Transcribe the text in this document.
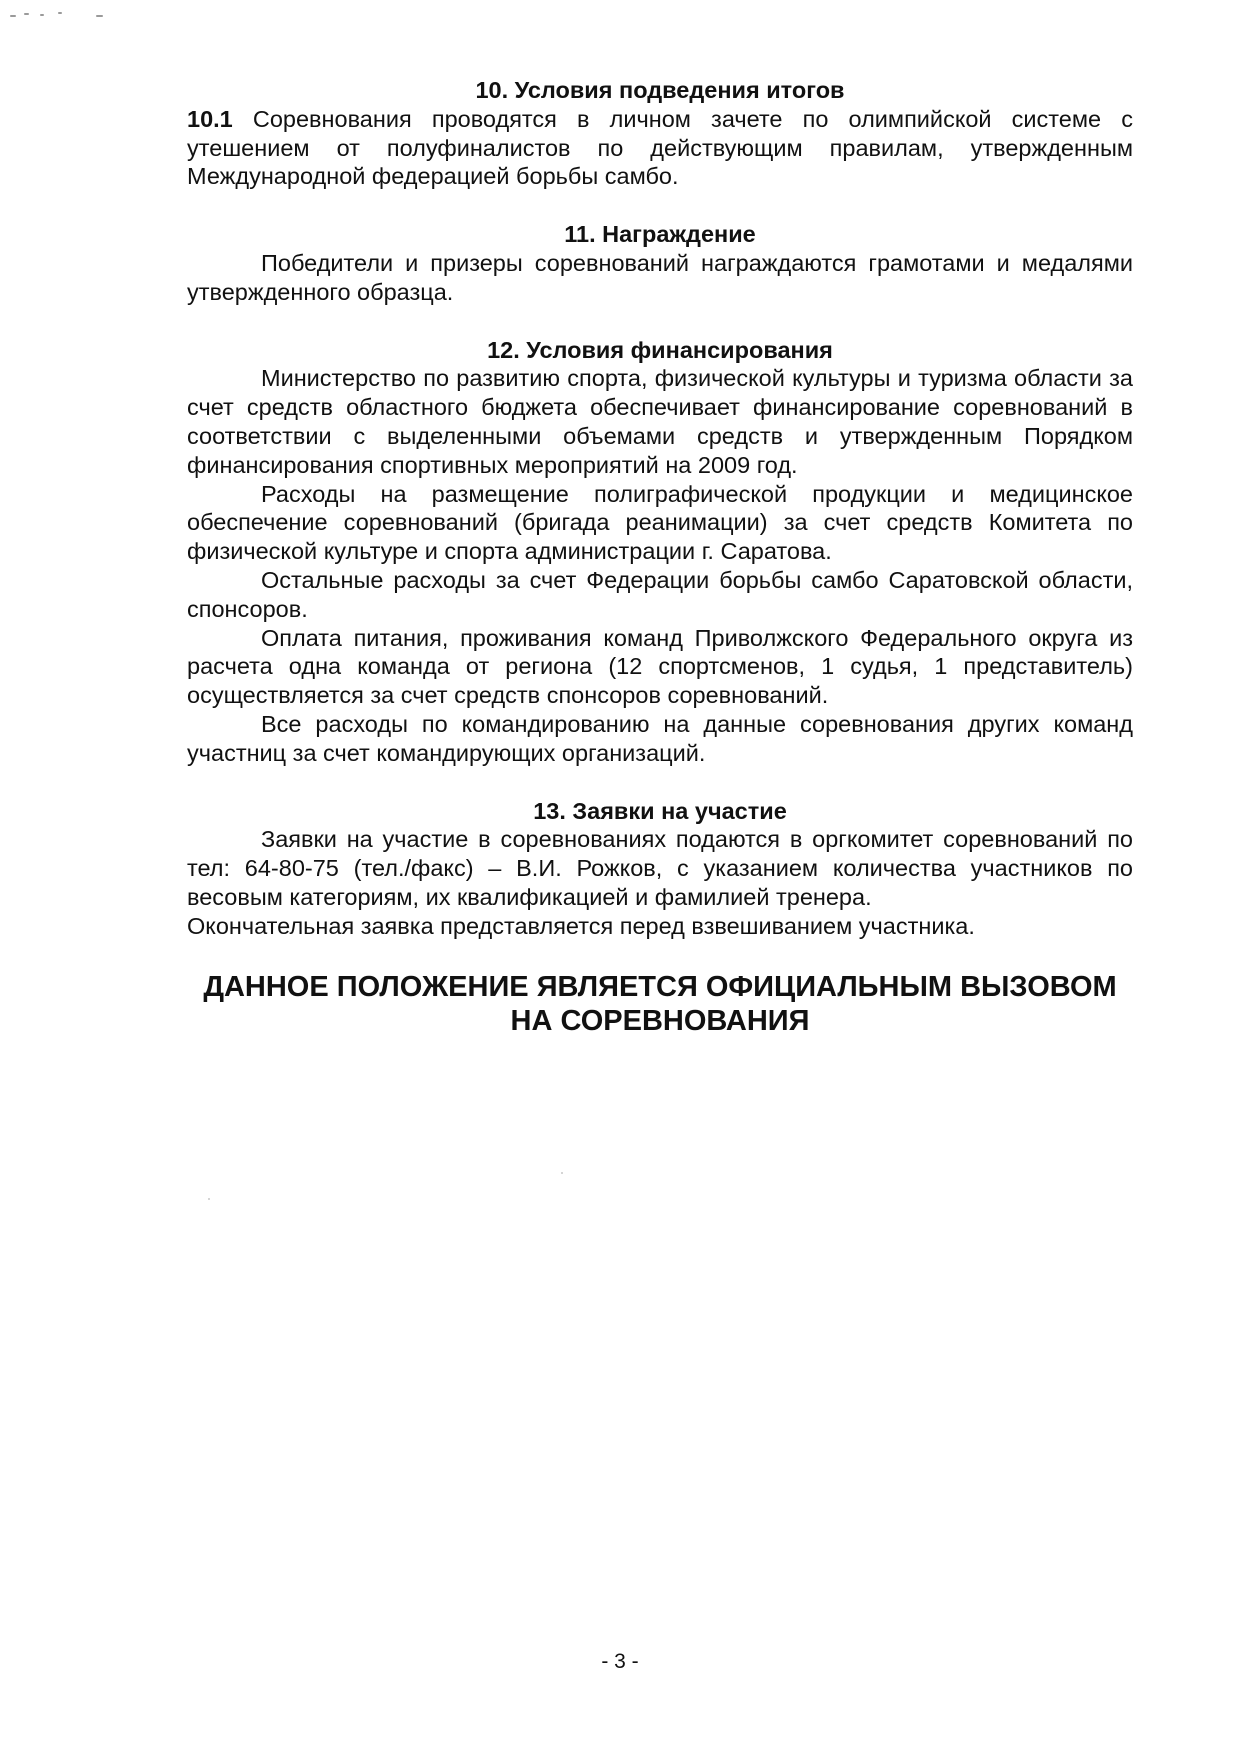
10. Условия подведения итогов

10.1 Соревнования проводятся в личном зачете по олимпийской системе с утешением от полуфиналистов по действующим правилам, утвержденным Международной федерацией борьбы самбо.

11. Награждение

Победители и призеры соревнований награждаются грамотами и медалями утвержденного образца.

12. Условия финансирования

Министерство по развитию спорта, физической культуры и туризма области за счет средств областного бюджета обеспечивает финансирование соревнований в соответствии с выделенными объемами средств и утвержденным Порядком финансирования спортивных мероприятий на 2009 год.

Расходы на размещение полиграфической продукции и медицинское обеспечение соревнований (бригада реанимации) за счет средств Комитета по физической культуре и спорта администрации г. Саратова.

Остальные расходы за счет Федерации борьбы самбо Саратовской области, спонсоров.

Оплата питания, проживания команд Приволжского Федерального округа из расчета одна команда от региона (12 спортсменов, 1 судья, 1 представитель) осуществляется за счет средств спонсоров соревнований.

Все расходы по командированию на данные соревнования других команд участниц за счет командирующих организаций.

13. Заявки на участие

Заявки на участие в соревнованиях подаются в оргкомитет соревнований по тел: 64-80-75 (тел./факс) – В.И. Рожков, с указанием количества участников по весовым категориям, их квалификацией и фамилией тренера.

Окончательная заявка представляется перед взвешиванием участника.

ДАННОЕ ПОЛОЖЕНИЕ ЯВЛЯЕТСЯ ОФИЦИАЛЬНЫМ ВЫЗОВОМ
НА СОРЕВНОВАНИЯ
- 3 -
